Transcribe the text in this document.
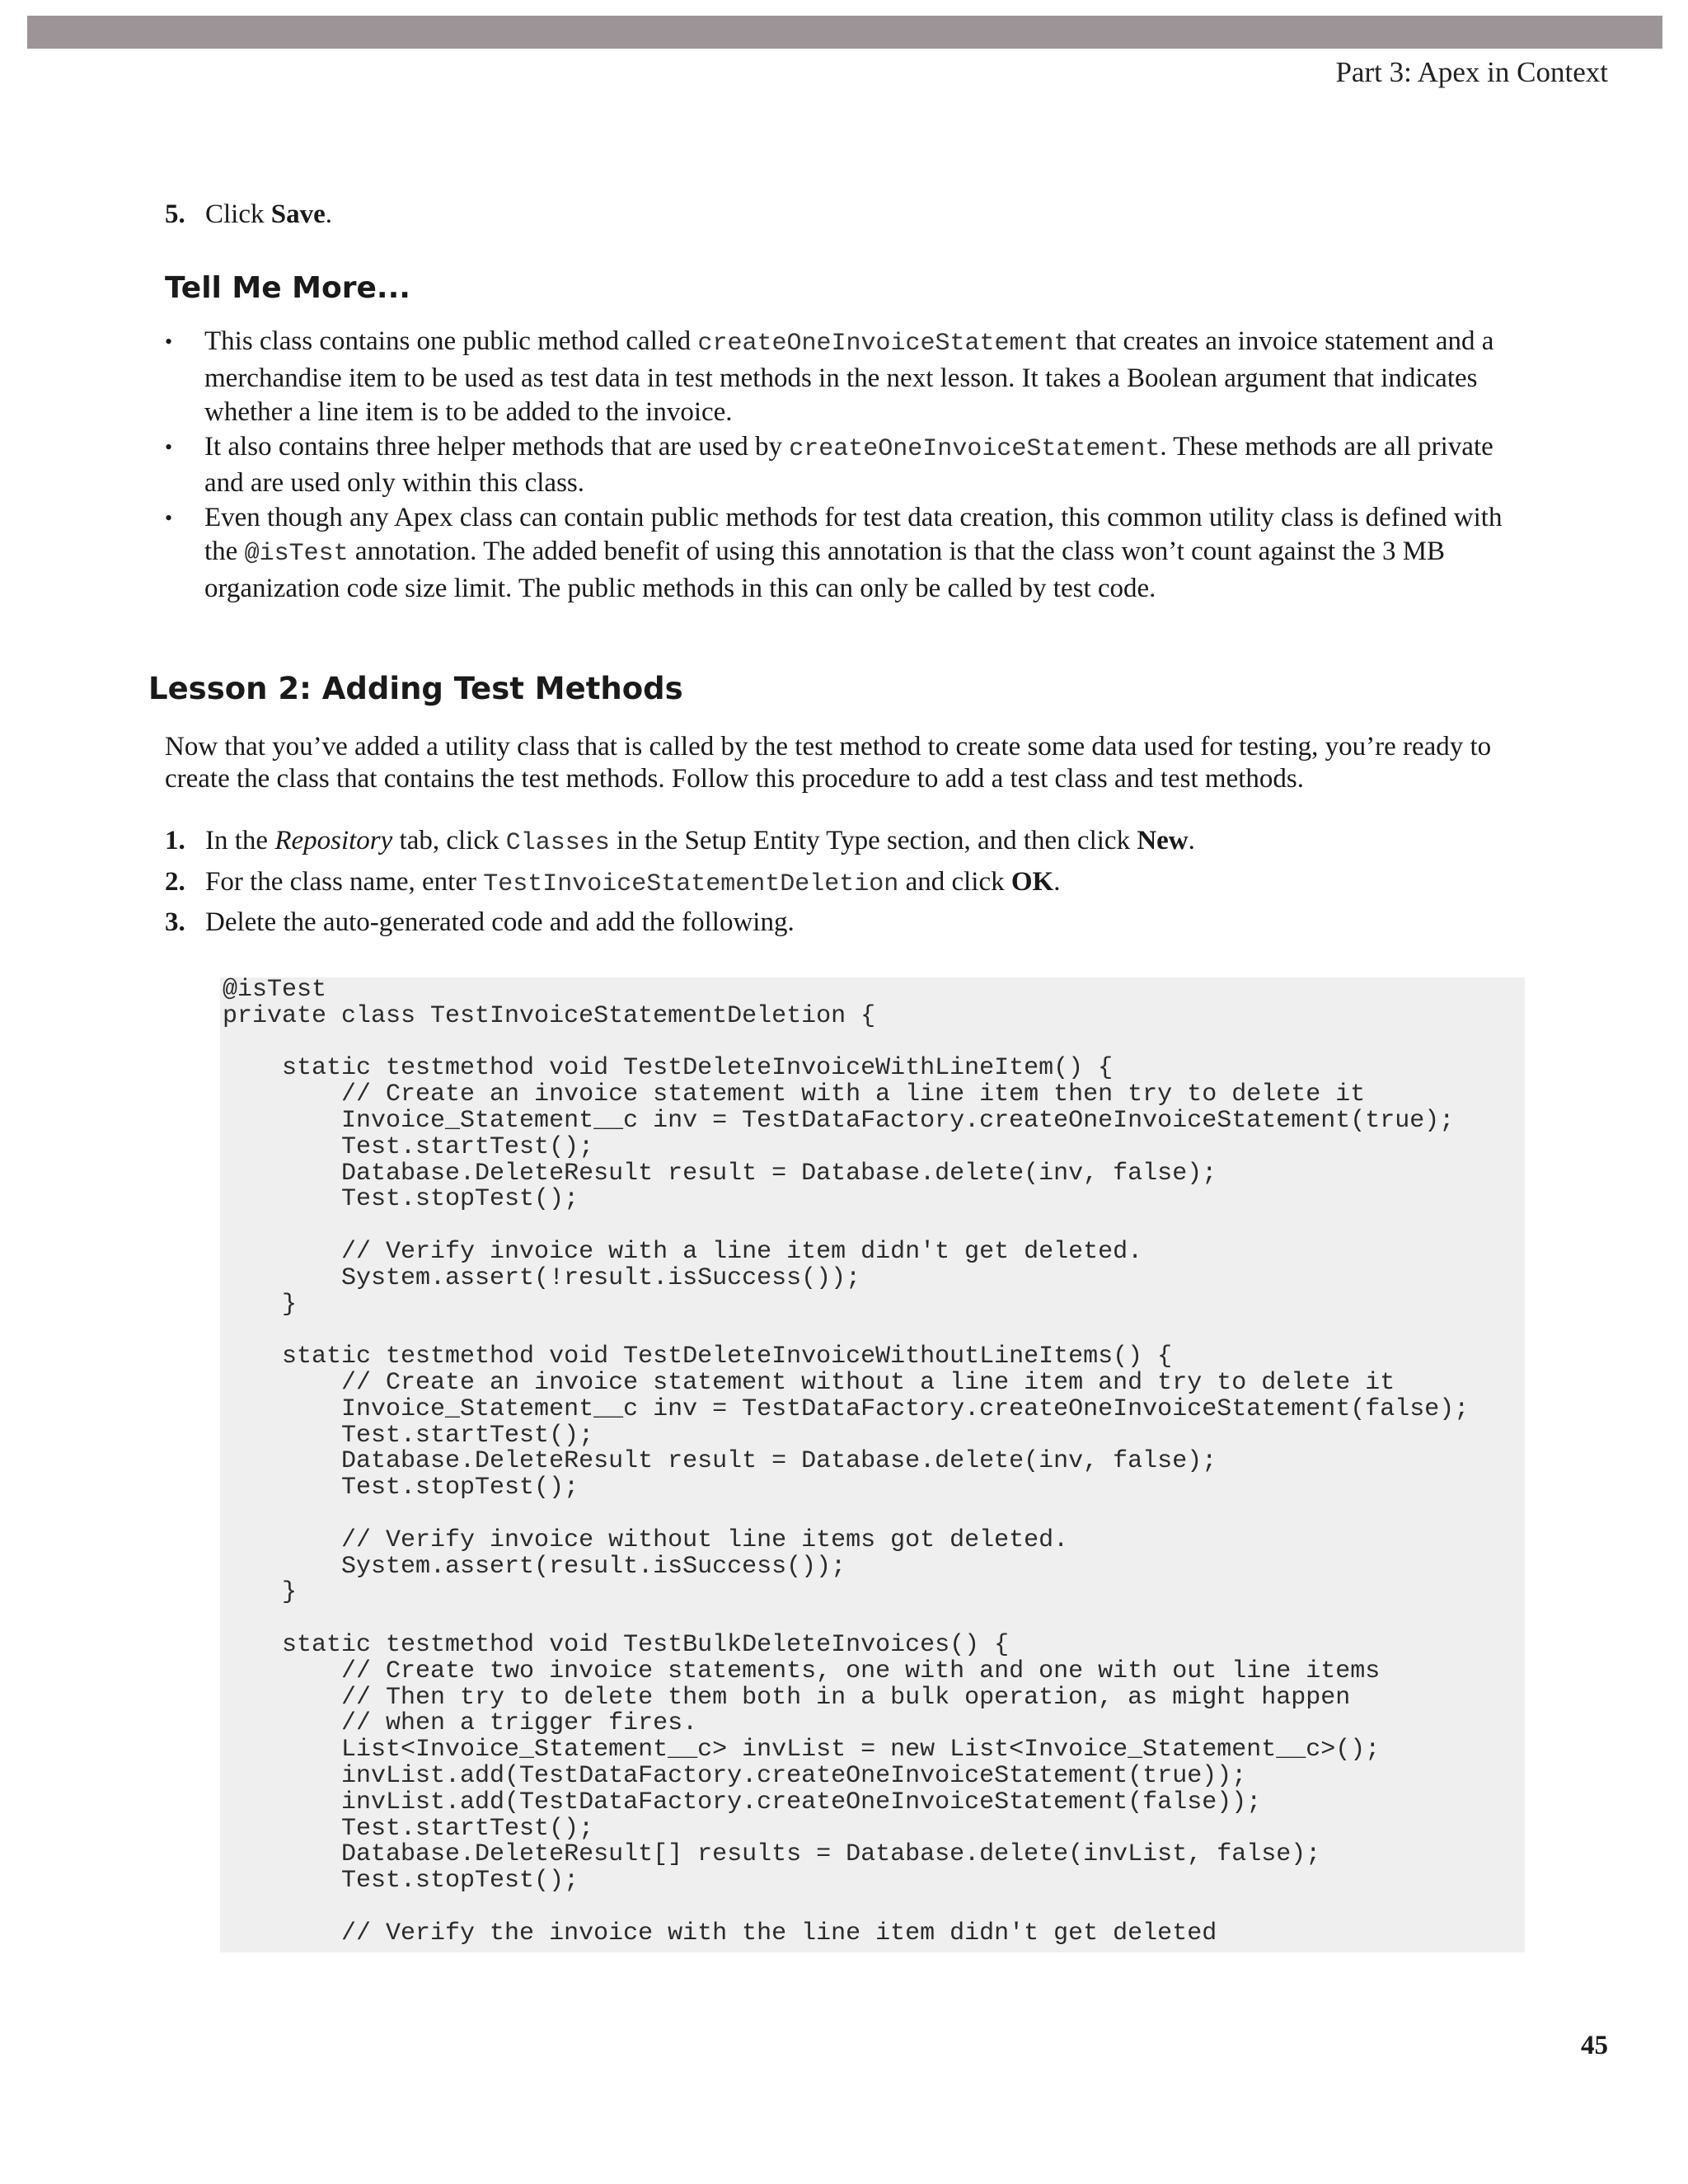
Part 3: Apex in Context
5. Click Save.
Tell Me More...
• This class contains one public method called createOneInvoiceStatement that creates an invoice statement and a merchandise item to be used as test data in test methods in the next lesson. It takes a Boolean argument that indicates whether a line item is to be added to the invoice.
• It also contains three helper methods that are used by createOneInvoiceStatement. These methods are all private and are used only within this class.
• Even though any Apex class can contain public methods for test data creation, this common utility class is defined with the @isTest annotation. The added benefit of using this annotation is that the class won’t count against the 3 MB organization code size limit. The public methods in this can only be called by test code.
Lesson 2: Adding Test Methods
Now that you’ve added a utility class that is called by the test method to create some data used for testing, you’re ready to create the class that contains the test methods. Follow this procedure to add a test class and test methods.
1. In the Repository tab, click Classes in the Setup Entity Type section, and then click New.
2. For the class name, enter TestInvoiceStatementDeletion and click OK.
3. Delete the auto-generated code and add the following.
@isTest
private class TestInvoiceStatementDeletion {

static testmethod void TestDeleteInvoiceWithLineItem() {
// Create an invoice statement with a line item then try to delete it
Invoice_Statement__c inv = TestDataFactory.createOneInvoiceStatement(true);
Test.startTest();
Database.DeleteResult result = Database.delete(inv, false);
Test.stopTest();

// Verify invoice with a line item didn't get deleted.
System.assert(!result.isSuccess());
}

static testmethod void TestDeleteInvoiceWithoutLineItems() {
// Create an invoice statement without a line item and try to delete it
Invoice_Statement__c inv = TestDataFactory.createOneInvoiceStatement(false);
Test.startTest();
Database.DeleteResult result = Database.delete(inv, false);
Test.stopTest();

// Verify invoice without line items got deleted.
System.assert(result.isSuccess());
}

static testmethod void TestBulkDeleteInvoices() {
// Create two invoice statements, one with and one with out line items
// Then try to delete them both in a bulk operation, as might happen
// when a trigger fires.
List<Invoice_Statement__c> invList = new List<Invoice_Statement__c>();
invList.add(TestDataFactory.createOneInvoiceStatement(true));
invList.add(TestDataFactory.createOneInvoiceStatement(false));
Test.startTest();
Database.DeleteResult[] results = Database.delete(invList, false);
Test.stopTest();

// Verify the invoice with the line item didn't get deleted
45
